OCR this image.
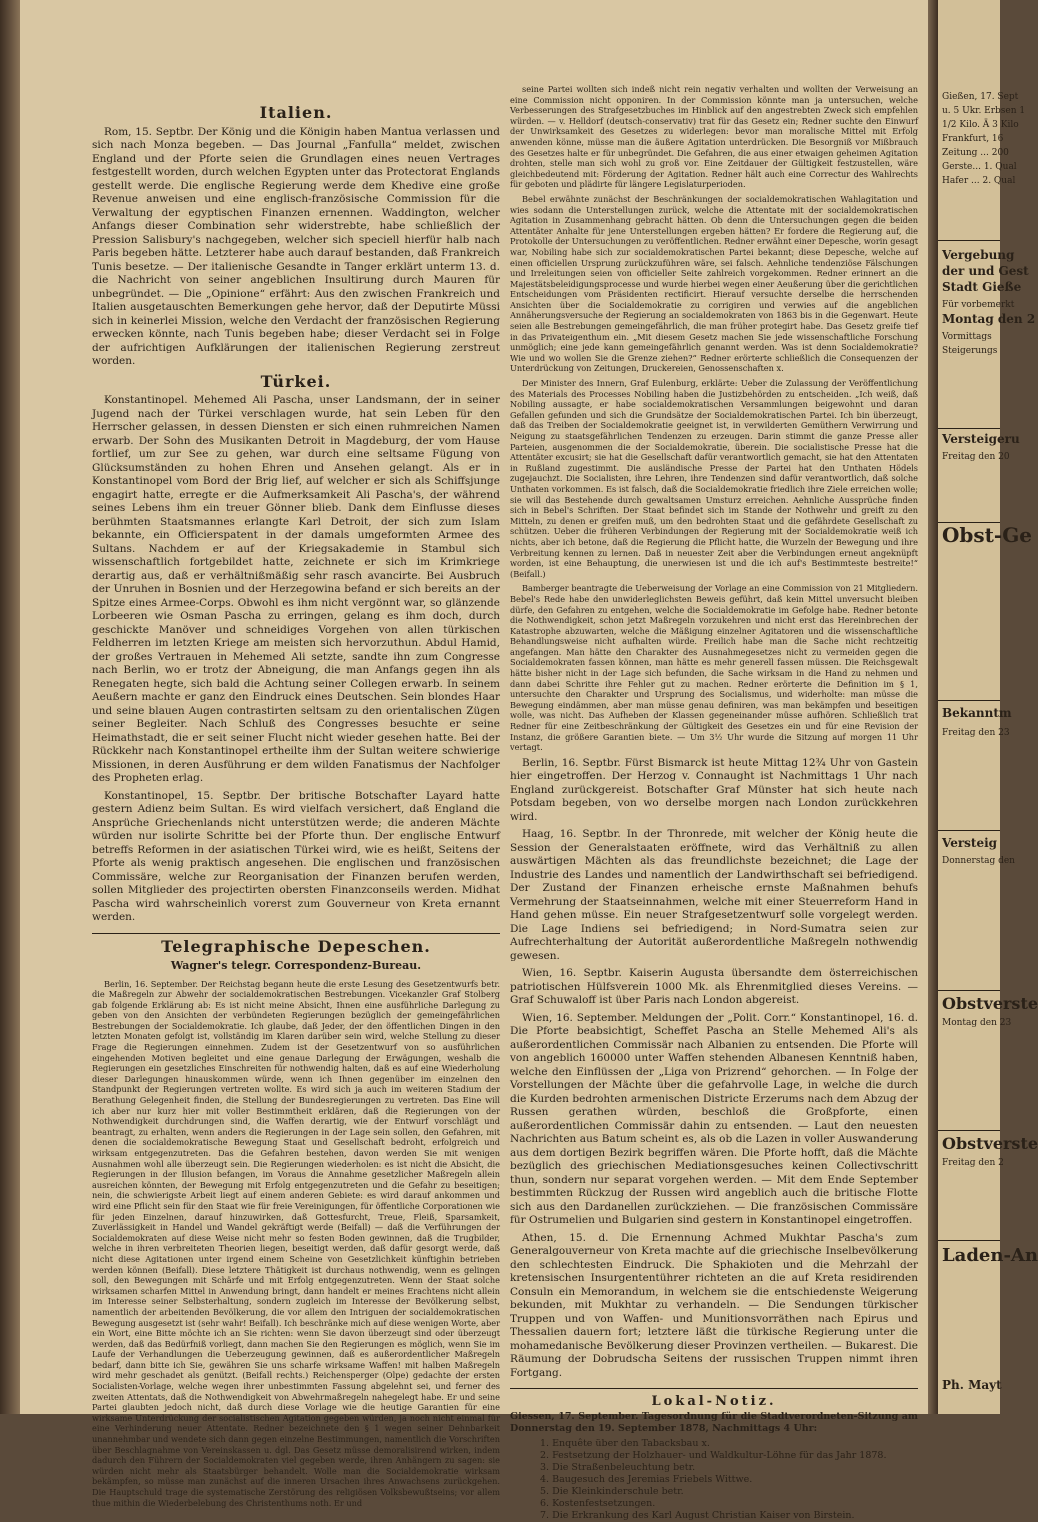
Italien.

Rom, 15. Septbr. Der König und die Königin haben Mantua verlassen und sich nach Monza begeben. — Das Journal „Fanfulla“ meldet, zwischen England und der Pforte seien die Grundlagen eines neuen Vertrages festgestellt worden, durch welchen Egypten unter das Protectorat Englands gestellt werde. Die englische Regierung werde dem Khedive eine große Revenue anweisen und eine englisch-französische Commission für die Verwaltung der egyptischen Finanzen ernennen. Waddington, welcher Anfangs dieser Combination sehr widerstrebte, habe schließlich der Pression Salisbury's nachgegeben, welcher sich speciell hierfür halb nach Paris begeben hätte. Letzterer habe auch darauf bestanden, daß Frankreich Tunis besetze. — Der italienische Gesandte in Tanger erklärt unterm 13. d. die Nachricht von seiner angeblichen Insultirung durch Mauren für unbegründet. — Die „Opinione“ erfährt: Aus den zwischen Frankreich und Italien ausgetauschten Bemerkungen gehe hervor, daß der Deputirte Müssi sich in keinerlei Mission, welche den Verdacht der französischen Regierung erwecken könnte, nach Tunis begeben habe; dieser Verdacht sei in Folge der aufrichtigen Aufklärungen der italienischen Regierung zerstreut worden.

Türkei.

Konstantinopel. Mehemed Ali Pascha, unser Landsmann, der in seiner Jugend nach der Türkei verschlagen wurde, hat sein Leben für den Herrscher gelassen, in dessen Diensten er sich einen ruhmreichen Namen erwarb. Der Sohn des Musikanten Detroit in Magdeburg, der vom Hause fortlief, um zur See zu gehen, war durch eine seltsame Fügung von Glücksumständen zu hohen Ehren und Ansehen gelangt. Als er in Konstantinopel vom Bord der Brig lief, auf welcher er sich als Schiffsjunge engagirt hatte, erregte er die Aufmerksamkeit Ali Pascha's, der während seines Lebens ihm ein treuer Gönner blieb. Dank dem Einflusse dieses berühmten Staatsmannes erlangte Karl Detroit, der sich zum Islam bekannte, ein Officierspatent in der damals umgeformten Armee des Sultans. Nachdem er auf der Kriegsakademie in Stambul sich wissenschaftlich fortgebildet hatte, zeichnete er sich im Krimkriege derartig aus, daß er verhältnißmäßig sehr rasch avancirte. Bei Ausbruch der Unruhen in Bosnien und der Herzegowina befand er sich bereits an der Spitze eines Armee-Corps. Obwohl es ihm nicht vergönnt war, so glänzende Lorbeeren wie Osman Pascha zu erringen, gelang es ihm doch, durch geschickte Manöver und schneidiges Vorgehen von allen türkischen Feldherren im letzten Kriege am meisten sich hervorzuthun. Abdul Hamid, der großes Vertrauen in Mehemed Ali setzte, sandte ihn zum Congresse nach Berlin, wo er trotz der Abneigung, die man Anfangs gegen ihn als Renegaten hegte, sich bald die Achtung seiner Collegen erwarb. In seinem Aeußern machte er ganz den Eindruck eines Deutschen. Sein blondes Haar und seine blauen Augen contrastirten seltsam zu den orientalischen Zügen seiner Begleiter. Nach Schluß des Congresses besuchte er seine Heimathstadt, die er seit seiner Flucht nicht wieder gesehen hatte. Bei der Rückkehr nach Konstantinopel ertheilte ihm der Sultan weitere schwierige Missionen, in deren Ausführung er dem wilden Fanatismus der Nachfolger des Propheten erlag.

Konstantinopel, 15. Septbr. Der britische Botschafter Layard hatte gestern Adienz beim Sultan. Es wird vielfach versichert, daß England die Ansprüche Griechenlands nicht unterstützen werde; die anderen Mächte würden nur isolirte Schritte bei der Pforte thun. Der englische Entwurf betreffs Reformen in der asiatischen Türkei wird, wie es heißt, Seitens der Pforte als wenig praktisch angesehen. Die englischen und französischen Commissäre, welche zur Reorganisation der Finanzen berufen werden, sollen Mitglieder des projectirten obersten Finanzconseils werden. Midhat Pascha wird wahrscheinlich vorerst zum Gouverneur von Kreta ernannt werden.

Telegraphische Depeschen.
Wagner's telegr. Correspondenz-Bureau.

Berlin, 16. September. Der Reichstag begann heute die erste Lesung des Gesetzentwurfs betr. die Maßregeln zur Abwehr der socialdemokratischen Bestrebungen. Vicekanzler Graf Stolberg gab folgende Erklärung ab: Es ist nicht meine Absicht, Ihnen eine ausführliche Darlegung zu geben von den Ansichten der verbündeten Regierungen bezüglich der gemeingefährlichen Bestrebungen der Socialdemokratie. Ich glaube, daß Jeder, der den öffentlichen Dingen in den letzten Monaten gefolgt ist, vollständig im Klaren darüber sein wird, welche Stellung zu dieser Frage die Regierungen einnehmen. Zudem ist der Gesetzentwurf von so ausführlichen eingehenden Motiven begleitet und eine genaue Darlegung der Erwägungen, weshalb die Regierungen ein gesetzliches Einschreiten für nothwendig halten, daß es auf eine Wiederholung dieser Darlegungen hinauskommen würde, wenn ich Ihnen gegenüber im einzelnen den Standpunkt der Regierungen vertreten wollte. Es wird sich ja auch im weiteren Stadium der Berathung Gelegenheit finden, die Stellung der Bundesregierungen zu vertreten. Das Eine will ich aber nur kurz hier mit voller Bestimmtheit erklären, daß die Regierungen von der Nothwendigkeit durchdrungen sind, die Waffen derartig, wie der Entwurf vorschlägt und beantragt, zu erhalten, wenn anders die Regierungen in der Lage sein sollen, den Gefahren, mit denen die socialdemokratische Bewegung Staat und Gesellschaft bedroht, erfolgreich und wirksam entgegenzutreten. Das die Gefahren bestehen, davon werden Sie mit wenigen Ausnahmen wohl alle überzeugt sein. Die Regierungen wiederholen: es ist nicht die Absicht, die Regierungen in der Illusion befangen, im Voraus die Annahme gesetzlicher Maßregeln allein ausreichen könnten, der Bewegung mit Erfolg entgegenzutreten und die Gefahr zu beseitigen; nein, die schwierigste Arbeit liegt auf einem anderen Gebiete: es wird darauf ankommen und wird eine Pflicht sein für den Staat wie für freie Vereinigungen, für öffentliche Corporationen wie für jeden Einzelnen, darauf hinzuwirken, daß Gottesfurcht, Treue, Fleiß, Sparsamkeit, Zuverlässigkeit in Handel und Wandel gekräftigt werde (Beifall) — daß die Verführungen der Socialdemokraten auf diese Weise nicht mehr so festen Boden gewinnen, daß die Trugbilder, welche in ihren verbreiteten Theorien liegen, beseitigt werden, daß dafür gesorgt werde, daß nicht diese Agitationen unter irgend einem Scheine von Gesetzlichkeit künftighin betrieben werden können (Beifall). Diese letztere Thätigkeit ist durchaus nothwendig, wenn es gelingen soll, den Bewegungen mit Schärfe und mit Erfolg entgegenzutreten. Wenn der Staat solche wirksamen scharfen Mittel in Anwendung bringt, dann handelt er meines Erachtens nicht allein im Interesse seiner Selbsterhaltung, sondern zugleich im Interesse der Bevölkerung selbst, namentlich der arbeitenden Bevölkerung, die vor allem den Intriguen der socialdemokratischen Bewegung ausgesetzt ist (sehr wahr! Beifall). Ich beschränke mich auf diese wenigen Worte, aber ein Wort, eine Bitte möchte ich an Sie richten: wenn Sie davon überzeugt sind oder überzeugt werden, daß das Bedürfniß vorliegt, dann machen Sie den Regierungen es möglich, wenn Sie im Laufe der Verhandlungen die Ueberzeugung gewinnen, daß es außerordentlicher Maßregeln bedarf, dann bitte ich Sie, gewähren Sie uns scharfe wirksame Waffen! mit halben Maßregeln wird mehr geschadet als genützt. (Beifall rechts.) Reichensperger (Olpe) gedachte der ersten Socialisten-Vorlage, welche wegen ihrer unbestimmten Fassung abgelehnt sei, und ferner des zweiten Attentats, daß die Nothwendigkeit von Abwehrmaßregeln nahegelegt habe. Er und seine Partei glaubten jedoch nicht, daß durch diese Vorlage wie die heutige Garantien für eine wirksame Unterdrückung der socialistischen Agitation gegeben würden, ja noch nicht einmal für eine Verhinderung neuer Attentate. Redner bezeichnete den § 1 wegen seiner Dehnbarkeit unannehmbar und wendete sich dann gegen einzelne Bestimmungen, namentlich die Vorschriften über Beschlagnahme von Vereinskassen u. dgl. Das Gesetz müsse demoralisirend wirken, indem dadurch den Führern der Socialdemokraten viel gegeben werde, ihren Anhängern zu sagen: sie würden nicht mehr als Staatsbürger behandelt. Wolle man die Socialdemokratie wirksam bekämpfen, so müsse man zunächst auf die inneren Ursachen ihres Anwachsens zurückgehen. Die Hauptschuld trage die systematische Zerstörung des religiösen Volksbewußtseins; vor allem thue mithin die Wiederbelebung des Christenthums noth. Er und

seine Partei wollten sich indeß nicht rein negativ verhalten und wollten der Verweisung an eine Commission nicht opponiren. In der Commission könnte man ja untersuchen, welche Verbesserungen des Strafgesetzbuches im Hinblick auf den angestrebten Zweck sich empfehlen würden. — v. Helldorf (deutsch-conservativ) trat für das Gesetz ein; Redner suchte den Einwurf der Unwirksamkeit des Gesetzes zu widerlegen: bevor man moralische Mittel mit Erfolg anwenden könne, müsse man die äußere Agitation unterdrücken. Die Besorgniß vor Mißbrauch des Gesetzes halte er für unbegründet. Die Gefahren, die aus einer etwaigen geheimen Agitation drohten, stelle man sich wohl zu groß vor. Eine Zeitdauer der Gültigkeit festzustellen, wäre gleichbedeutend mit: Förderung der Agitation. Redner hält auch eine Correctur des Wahlrechts für geboten und plädirte für längere Legislaturperioden.

Bebel erwähnte zunächst der Beschränkungen der socialdemokratischen Wahlagitation und wies sodann die Unterstellungen zurück, welche die Attentate mit der socialdemokratischen Agitation in Zusammenhang gebracht hätten. Ob denn die Untersuchungen gegen die beiden Attentäter Anhalte für jene Unterstellungen ergeben hätten? Er fordere die Regierung auf, die Protokolle der Untersuchungen zu veröffentlichen. Redner erwähnt einer Depesche, worin gesagt war, Nobiling habe sich zur socialdemokratischen Partei bekannt; diese Depesche, welche auf einen officiellen Ursprung zurückzuführen wäre, sei falsch. Aehnliche tendenziöse Fälschungen und Irreleitungen seien von officieller Seite zahlreich vorgekommen. Redner erinnert an die Majestätsbeleidigungsprocesse und wurde hierbei wegen einer Aeußerung über die gerichtlichen Entscheidungen vom Präsidenten rectificirt. Hierauf versuchte derselbe die herrschenden Ansichten über die Socialdemokratie zu corrigiren und verwies auf die angeblichen Annäherungsversuche der Regierung an socialdemokraten von 1863 bis in die Gegenwart. Heute seien alle Bestrebungen gemeingefährlich, die man früher protegirt habe. Das Gesetz greife tief in das Privateigenthum ein. „Mit diesem Gesetz machen Sie jede wissenschaftliche Forschung unmöglich; eine jede kann gemeingefährlich genannt werden. Was ist denn Socialdemokratie? Wie und wo wollen Sie die Grenze ziehen?“ Redner erörterte schließlich die Consequenzen der Unterdrückung von Zeitungen, Druckereien, Genossenschaften x.

Der Minister des Innern, Graf Eulenburg, erklärte: Ueber die Zulassung der Veröffentlichung des Materials des Processes Nobiling haben die Justizbehörden zu entscheiden. „Ich weiß, daß Nobiling aussagte, er habe socialdemokratischen Versammlungen beigewohnt und daran Gefallen gefunden und sich die Grundsätze der Socialdemokratischen Partei. Ich bin überzeugt, daß das Treiben der Socialdemokratie geeignet ist, in verwilderten Gemüthern Verwirrung und Neigung zu staatsgefährlichen Tendenzen zu erzeugen. Darin stimmt die ganze Presse aller Parteien, ausgenommen die der Socialdemokratie, überein. Die socialistische Presse hat die Attentäter excusirt; sie hat die Gesellschaft dafür verantwortlich gemacht, sie hat den Attentaten in Rußland zugestimmt. Die ausländische Presse der Partei hat den Unthaten Hödels zugejauchzt. Die Socialisten, ihre Lehren, ihre Tendenzen sind dafür verantwortlich, daß solche Unthaten vorkommen. Es ist falsch, daß die Socialdemokratie friedlich ihre Ziele erreichen wolle; sie will das Bestehende durch gewaltsamen Umsturz erreichen. Aehnliche Aussprüche finden sich in Bebel's Schriften. Der Staat befindet sich im Stande der Nothwehr und greift zu den Mitteln, zu denen er greifen muß, um den bedrohten Staat und die gefährdete Gesellschaft zu schützen. Ueber die früheren Verbindungen der Regierung mit der Socialdemokratie weiß ich nichts, aber ich betone, daß die Regierung die Pflicht hatte, die Wurzeln der Bewegung und ihre Verbreitung kennen zu lernen. Daß in neuester Zeit aber die Verbindungen erneut angeknüpft worden, ist eine Behauptung, die unerwiesen ist und die ich auf's Bestimmteste bestreite!“ (Beifall.)

Bamberger beantragte die Ueberweisung der Vorlage an eine Commission von 21 Mitgliedern. Bebel's Rede habe den unwiderleglichsten Beweis geführt, daß kein Mittel unversucht bleiben dürfe, den Gefahren zu entgehen, welche die Socialdemokratie im Gefolge habe. Redner betonte die Nothwendigkeit, schon jetzt Maßregeln vorzukehren und nicht erst das Hereinbrechen der Katastrophe abzuwarten, welche die Mäßigung einzelner Agitatoren und die wissenschaftliche Behandlungsweise nicht aufhalten würde. Freilich habe man die Sache nicht rechtzeitig angefangen. Man hätte den Charakter des Ausnahmegesetzes nicht zu vermeiden gegen die Socialdemokraten fassen können, man hätte es mehr generell fassen müssen. Die Reichsgewalt hätte bisher nicht in der Lage sich befunden, die Sache wirksam in die Hand zu nehmen und dann dabei Schritte ihre Fehler gut zu machen. Redner erörterte die Definition im § 1, untersuchte den Charakter und Ursprung des Socialismus, und widerholte: man müsse die Bewegung eindämmen, aber man müsse genau definiren, was man bekämpfen und beseitigen wolle, was nicht. Das Aufheben der Klassen gegeneinander müsse aufhören. Schließlich trat Redner für eine Zeitbeschränkung der Gültigkeit des Gesetzes ein und für eine Revision der Instanz, die größere Garantien biete. — Um 3½ Uhr wurde die Sitzung auf morgen 11 Uhr vertagt.

Berlin, 16. Septbr. Fürst Bismarck ist heute Mittag 12¾ Uhr von Gastein hier eingetroffen. Der Herzog v. Connaught ist Nachmittags 1 Uhr nach England zurückgereist. Botschafter Graf Münster hat sich heute nach Potsdam begeben, von wo derselbe morgen nach London zurückkehren wird.

Haag, 16. Septbr. In der Thronrede, mit welcher der König heute die Session der Generalstaaten eröffnete, wird das Verhältniß zu allen auswärtigen Mächten als das freundlichste bezeichnet; die Lage der Industrie des Landes und namentlich der Landwirthschaft sei befriedigend. Der Zustand der Finanzen erheische ernste Maßnahmen behufs Vermehrung der Staatseinnahmen, welche mit einer Steuerreform Hand in Hand gehen müsse. Ein neuer Strafgesetzentwurf solle vorgelegt werden. Die Lage Indiens sei befriedigend; in Nord-Sumatra seien zur Aufrechterhaltung der Autorität außerordentliche Maßregeln nothwendig gewesen.

Wien, 16. Septbr. Kaiserin Augusta übersandte dem österreichischen patriotischen Hülfsverein 1000 Mk. als Ehrenmitglied dieses Vereins. — Graf Schuwaloff ist über Paris nach London abgereist.

Wien, 16. September. Meldungen der „Polit. Corr.“ Konstantinopel, 16. d. Die Pforte beabsichtigt, Scheffet Pascha an Stelle Mehemed Ali's als außerordentlichen Commissär nach Albanien zu entsenden. Die Pforte will von angeblich 160000 unter Waffen stehenden Albanesen Kenntniß haben, welche den Einflüssen der „Liga von Prizrend“ gehorchen. — In Folge der Vorstellungen der Mächte über die gefahrvolle Lage, in welche die durch die Kurden bedrohten armenischen Districte Erzerums nach dem Abzug der Russen gerathen würden, beschloß die Großpforte, einen außerordentlichen Commissär dahin zu entsenden. — Laut den neuesten Nachrichten aus Batum scheint es, als ob die Lazen in voller Auswanderung aus dem dortigen Bezirk begriffen wären. Die Pforte hofft, daß die Mächte bezüglich des griechischen Mediationsgesuches keinen Collectivschritt thun, sondern nur separat vorgehen werden. — Mit dem Ende September bestimmten Rückzug der Russen wird angeblich auch die britische Flotte sich aus den Dardanellen zurückziehen. — Die französischen Commissäre für Ostrumelien und Bulgarien sind gestern in Konstantinopel eingetroffen.

Athen, 15. d. Die Ernennung Achmed Mukhtar Pascha's zum Generalgouverneur von Kreta machte auf die griechische Inselbevölkerung den schlechtesten Eindruck. Die Sphakioten und die Mehrzahl der kretensischen Insurgententührer richteten an die auf Kreta residirenden Consuln ein Memorandum, in welchem sie die entschiedenste Weigerung bekunden, mit Mukhtar zu verhandeln. — Die Sendungen türkischer Truppen und von Waffen- und Munitionsvorräthen nach Epirus und Thessalien dauern fort; letztere läßt die türkische Regierung unter die mohamedanische Bevölkerung dieser Provinzen vertheilen. — Bukarest. Die Räumung der Dobrudscha Seitens der russischen Truppen nimmt ihren Fortgang.

Lokal-Notiz.

Giessen, 17. September. Tagesordnung für die Stadtverordneten-Sitzung am Donnerstag den 19. September 1878, Nachmittags 4 Uhr:

1. Enquête über den Tabacksbau x.
2. Festsetzung der Holzhauer- und Waldkultur-Löhne für das Jahr 1878.
3. Die Straßenbeleuchtung betr.
4. Baugesuch des Jeremias Friebels Wittwe.
5. Die Kleinkinderschule betr.
6. Kostenfestsetzungen.
7. Die Erkrankung des Karl August Christian Kaiser von Birstein.
Gießen, 17. Sept
u. 5 Ukr. Erbsen 1
1/2 Kilo. Ä 3 Kilo
Frankfurt, 16
Zeitung ... 200
Gerste... 1. Qual
Hafer ... 2. Qual
Vergebung
der und Gest
Stadt Gieße
Für vorbemerkt
Montag den 2
Vormittags
Steigerungs
Versteigeru
Freitag den 20
Obst-Ge
Bekanntm
Freitag den 23
Versteig
Donnerstag den
Obstverste
Montag den 23
Obstverste
Freitag den 2
Laden-An
Ph. Mayt
